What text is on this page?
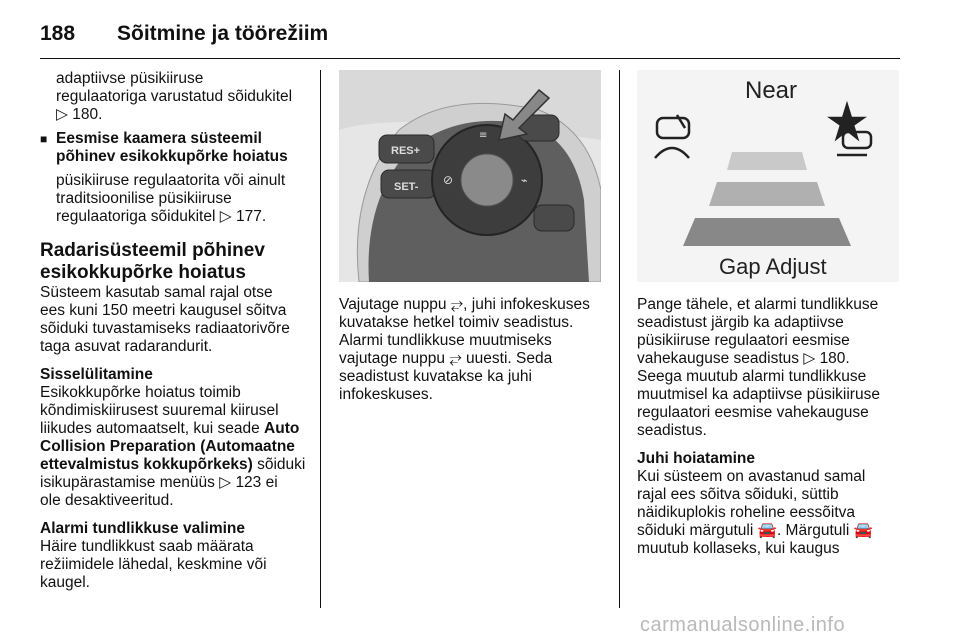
188 Sõitmine ja töörežiim
adaptiivse püsikiiruse
regulaatoriga varustatud sõidukitel
▷ 180.
■ Eesmise kaamera süsteemil
põhinev esikokkupõrke hoiatus
püsikiiruse regulaatorita või ainult
traditsioonilise püsikiiruse
regulaatoriga sõidukitel ▷ 177.
Radarisüsteemil põhinev
esikokkupõrke hoiatus
Süsteem kasutab samal rajal otse
ees kuni 150 meetri kaugusel sõitva
sõiduki tuvastamiseks radiaatorivõre
taga asuvat radarandurit.
Sisselülitamine
Esikokkupõrke hoiatus toimib
kõndimiskiirusest suuremal kiirusel
liikudes automaatselt, kui seade Auto
Collision Preparation (Automaatne
ettevalmistus kokkupõrkeks) sõiduki
isikupärastamise menüüs ▷ 123 ei
ole desaktiveeritud.
Alarmi tundlikkuse valimine
Häire tundlikkust saab määrata
režiimidele lähedal, keskmine või
kaugel.
RES+
SET-
≡
⊘	⌁
Vajutage nuppu ⥂, juhi infokeskuses
kuvatakse hetkel toimiv seadistus.
Alarmi tundlikkuse muutmiseks
vajutage nuppu ⥂ uuesti. Seda
seadistust kuvatakse ka juhi
infokeskuses.
Near
Gap Adjust
Pange tähele, et alarmi tundlikkuse
seadistust järgib ka adaptiivse
püsikiiruse regulaatori eesmise
vahekauguse seadistus ▷ 180.
Seega muutub alarmi tundlikkuse
muutmisel ka adaptiivse püsikiiruse
regulaatori eesmise vahekauguse
seadistus.
Juhi hoiatamine
Kui süsteem on avastanud samal
rajal ees sõitva sõiduki, süttib
näidikuplokis roheline eessõitva
sõiduki märgutuli 🚘. Märgutuli 🚘
muutub kollaseks, kui kaugus
carmanualsonline.info
